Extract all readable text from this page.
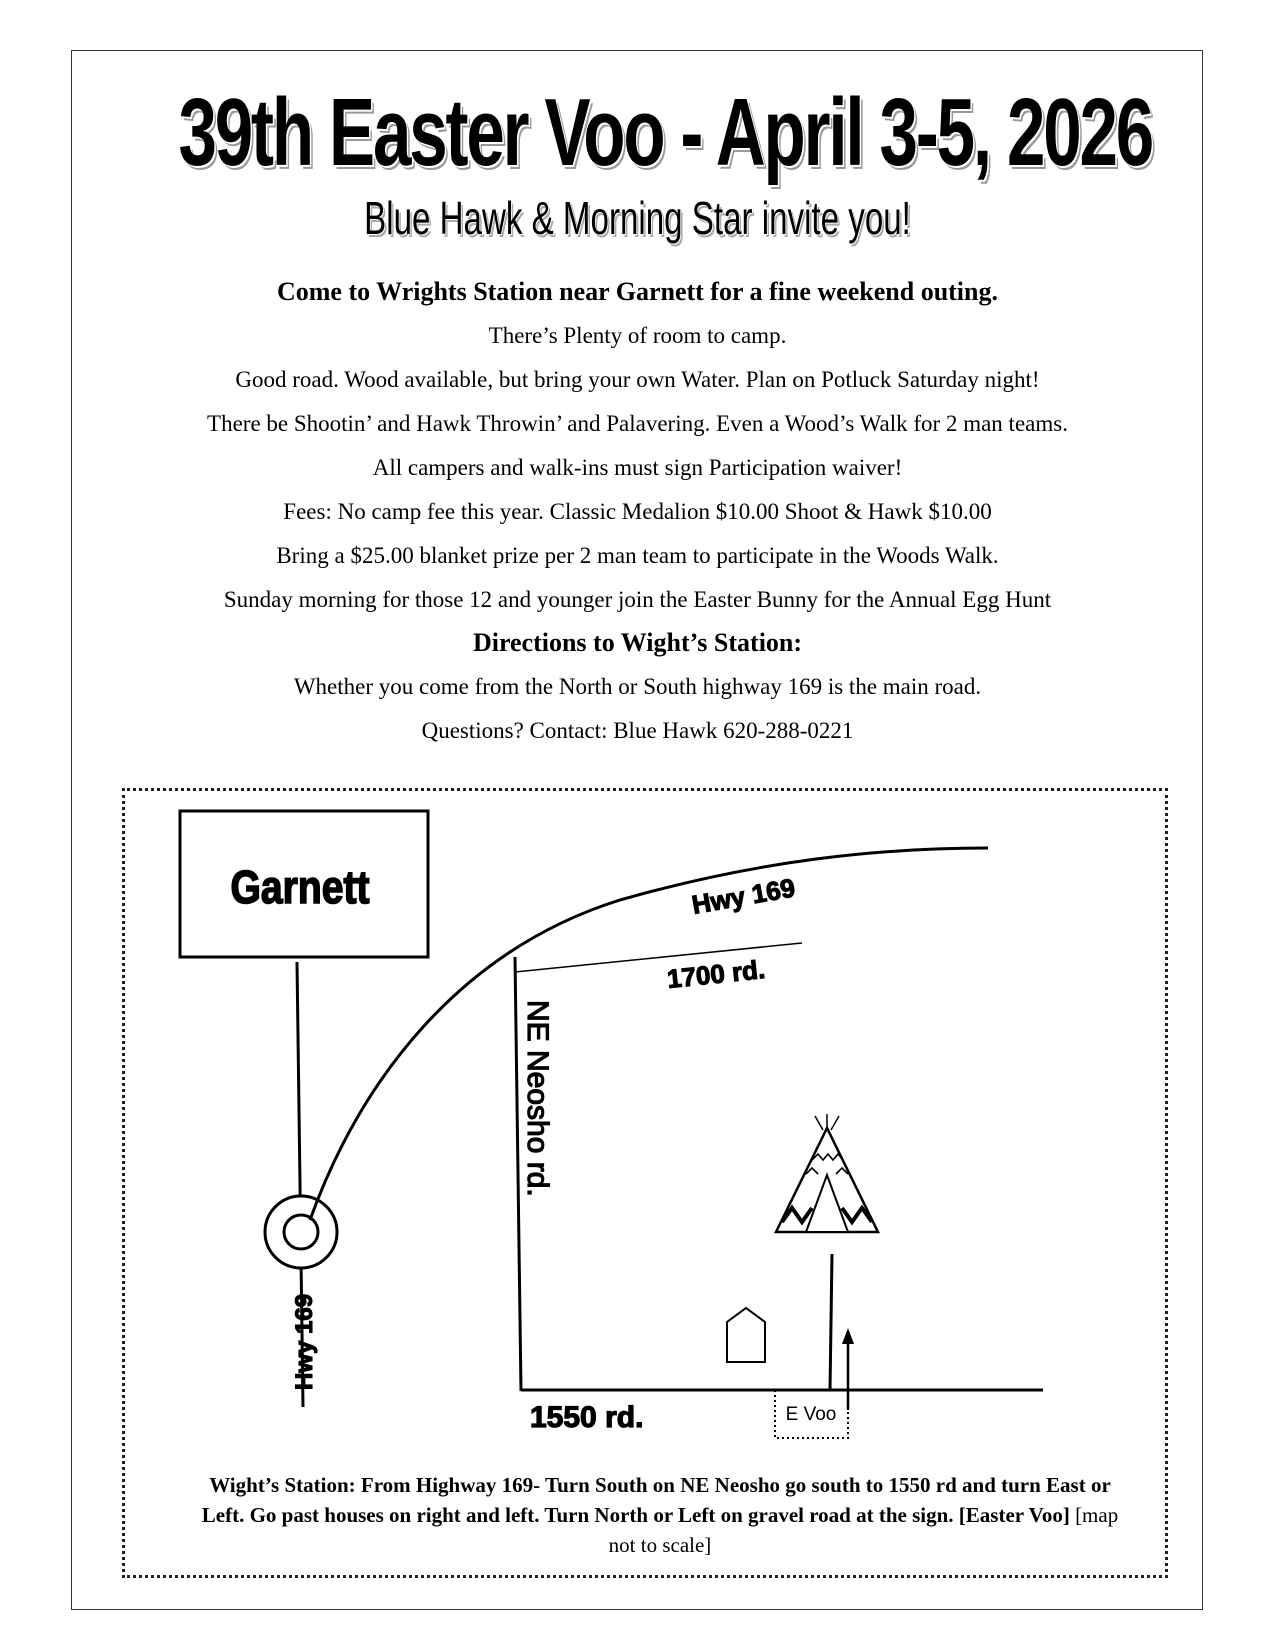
39th Easter Voo - April 3-5, 2026
Blue Hawk & Morning Star invite you!
Come to Wrights Station near Garnett for a fine weekend outing.
There’s Plenty of room to camp.
Good road. Wood available, but bring your own Water. Plan on Potluck Saturday night!
There be Shootin’ and Hawk Throwin’ and Palavering. Even a Wood’s Walk for 2 man teams.
All campers and walk-ins must sign Participation waiver!
Fees: No camp fee this year. Classic Medalion $10.00 Shoot & Hawk $10.00
Bring a $25.00 blanket prize per 2 man team to participate in the Woods Walk.
Sunday morning for those 12 and younger join the Easter Bunny for the Annual Egg Hunt
Directions to Wight’s Station:
Whether you come from the North or South highway 169 is the main road.
Questions? Contact: Blue Hawk 620-288-0221
Garnett
E Voo
Hwy 169
1700 rd.
NE Neosho rd.
Hwy 169
1550 rd.
Wight’s Station: From Highway 169- Turn South on NE Neosho go south to 1550 rd and turn East or Left. Go past houses on right and left. Turn North or Left on gravel road at the sign. [Easter Voo] [map not to scale]
